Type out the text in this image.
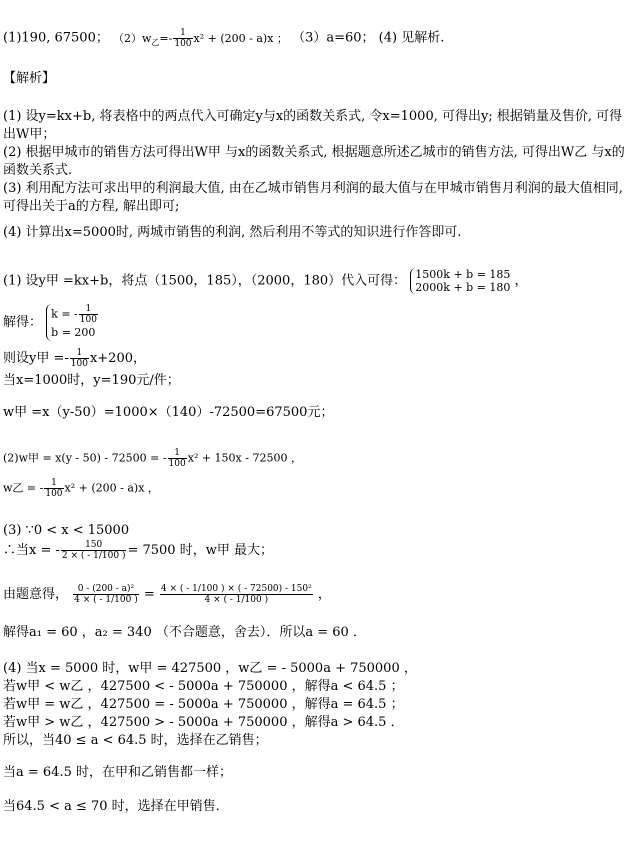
(1)190, 67500； $(2)w_乙=- \frac{1}{100} x^2 + (200 - a)x$ ； （3）a=60； (4) 见解析.
【解析】
(1) 设y=kx+b, 将表格中的两点代入可确定y与x的函数关系式, 令x=1000, 可得出y; 根据销量及售价, 可得出W甲；
(2) 根据甲城市的销售方法可得出W甲 与x的函数关系式, 根据题意所述乙城市的销售方法, 可得出W乙 与x的函数关系式.
(3) 利用配方法可求出甲的利润最大值, 由在乙城市销售月利润的最大值与在甲城市销售月利润的最大值相同, 可得出关于a的方程, 解出即可;
(4) 计算出x=5000时, 两城市销售的利润, 然后利用不等式的知识进行作答即可.
(1) 设y甲 =kx+b，将点（1500，185），（2000，180）代入可得： 1500k + b = 185
2000k + b = 180 ，
解得： k = - $\frac{1}{100}$

b = 200
则设y甲 =- $\frac{1}{100} x+200$，
当x=1000时，y=190元/件；
w甲 =x（y-50）=1000×（140）-72500=67500元；
(2)w甲 = x(y - 50) - 72500 = - $\frac{1}{100} x^2 + 150x - 72500$ ，
w乙 = - $\frac{1}{100} x^2 + (200 - a)x$ ，
(3) ∵0 < x < 15000
∴当x = - $\frac{150}{2 \times ( - 1/100 )} = 7500$ 时，w甲 最大；
由题意得， $\frac{\text{0 - (200 - a)²}}{4 \times ( - 1/100 )} = \frac{\text{4 × ( - 1/100 ) × ( - 72500) - 150²}}{4 \times ( - 1/100 )}$ ，
解得a₁ = 60 ，a₂ = 340 （不合题意，舍去）．所以a = 60 ．
(4) 当x = 5000 时，w甲 = 427500 ，w乙 = - 5000a + 750000 ，
若w甲 < w乙 ，427500 < - 5000a + 750000 ，解得a < 64.5 ；
若w甲 = w乙 ，427500 = - 5000a + 750000 ，解得a = 64.5 ；
若w甲 > w乙 ，427500 > - 5000a + 750000 ，解得a > 64.5 ．
所以，当40 ≤ a < 64.5 时，选择在乙销售；
当a = 64.5 时，在甲和乙销售都一样；
当64.5 < a ≤ 70 时，选择在甲销售．
